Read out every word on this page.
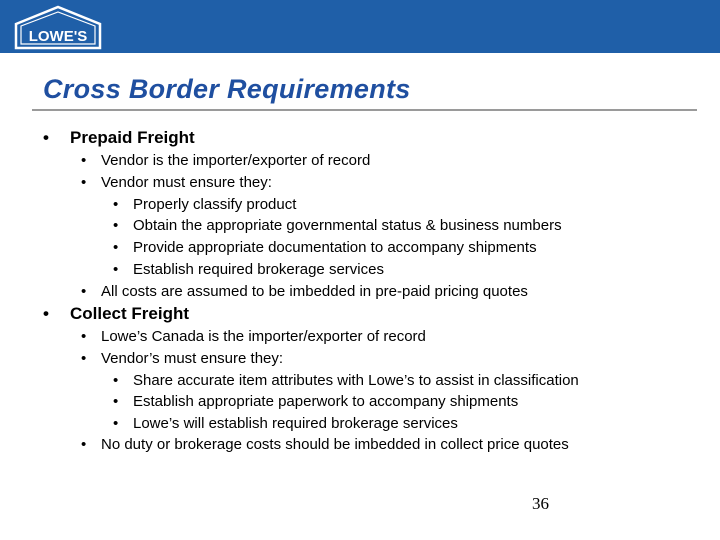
LOWE'S
Cross Border Requirements
• Prepaid Freight
• Vendor is the importer/exporter of record
• Vendor must ensure they:
• Properly classify product
• Obtain the appropriate governmental status & business numbers
• Provide appropriate documentation to accompany shipments
• Establish required brokerage services
• All costs are assumed to be imbedded in pre-paid pricing quotes
• Collect Freight
• Lowe’s Canada is the importer/exporter of record
• Vendor’s must ensure they:
• Share accurate item attributes with Lowe’s to assist in classification
• Establish appropriate paperwork to accompany shipments
• Lowe’s will establish required brokerage services
• No duty or brokerage costs should be imbedded in collect price quotes
36
